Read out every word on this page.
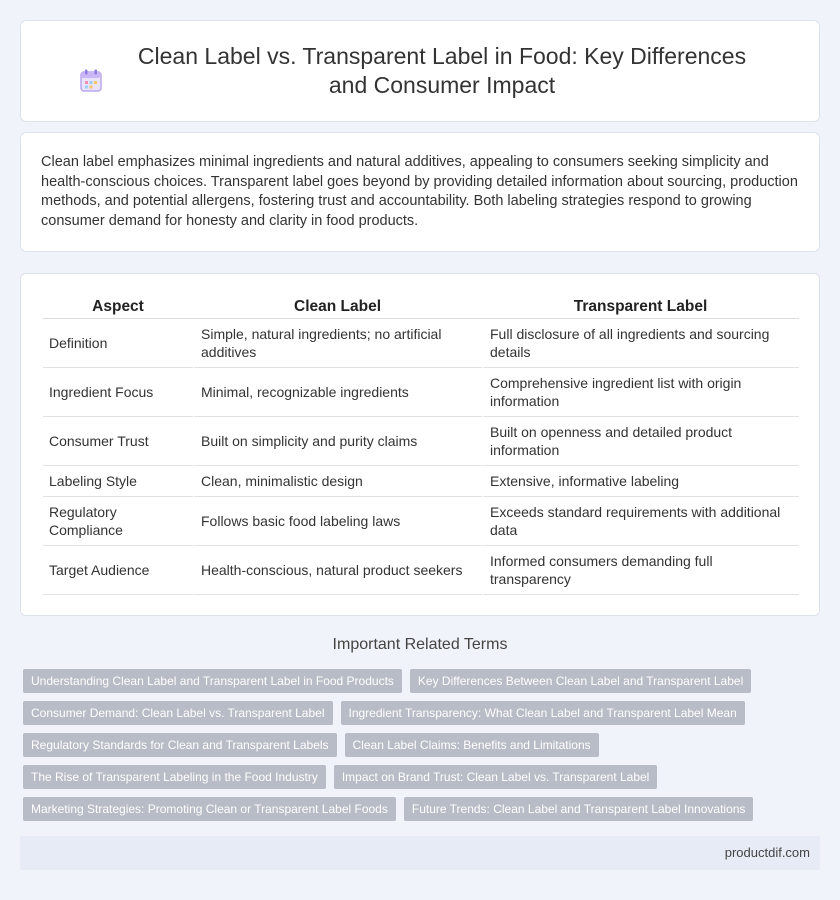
Clean Label vs. Transparent Label in Food: Key Differences and Consumer Impact

Clean label emphasizes minimal ingredients and natural additives, appealing to consumers seeking simplicity and health-conscious choices. Transparent label goes beyond by providing detailed information about sourcing, production methods, and potential allergens, fostering trust and accountability. Both labeling strategies respond to growing consumer demand for honesty and clarity in food products.

Aspect	Clean Label	Transparent Label
Definition	Simple, natural ingredients; no artificial additives	Full disclosure of all ingredients and sourcing details
Ingredient Focus	Minimal, recognizable ingredients	Comprehensive ingredient list with origin information
Consumer Trust	Built on simplicity and purity claims	Built on openness and detailed product information
Labeling Style	Clean, minimalistic design	Extensive, informative labeling
Regulatory Compliance	Follows basic food labeling laws	Exceeds standard requirements with additional data
Target Audience	Health-conscious, natural product seekers	Informed consumers demanding full transparency
Important Related Terms
Understanding Clean Label and Transparent Label in Food Products	Key Differences Between Clean Label and Transparent Label
Consumer Demand: Clean Label vs. Transparent Label	Ingredient Transparency: What Clean Label and Transparent Label Mean
Regulatory Standards for Clean and Transparent Labels	Clean Label Claims: Benefits and Limitations
The Rise of Transparent Labeling in the Food Industry	Impact on Brand Trust: Clean Label vs. Transparent Label
Marketing Strategies: Promoting Clean or Transparent Label Foods	Future Trends: Clean Label and Transparent Label Innovations
productdif.com
